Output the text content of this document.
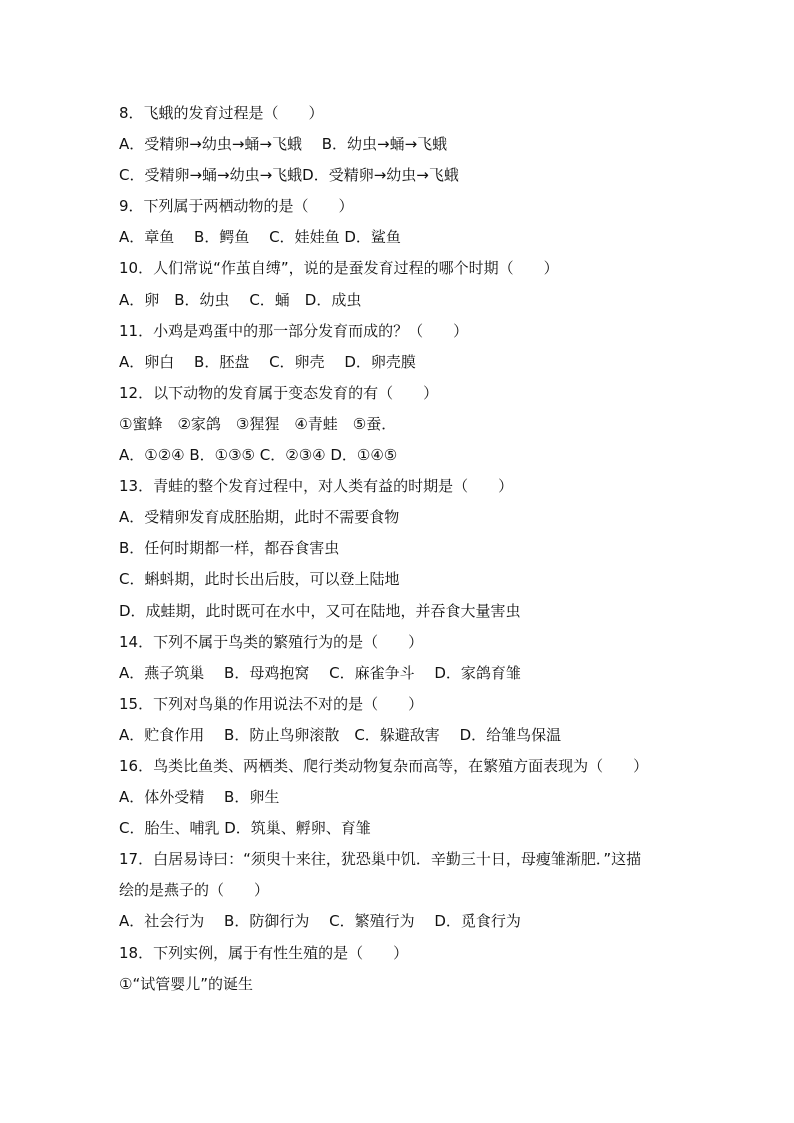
8．飞蛾的发育过程是（　　）
A．受精卵→幼虫→蛹→飞蛾　 B．幼虫→蛹→飞蛾
C．受精卵→蛹→幼虫→飞蛾D．受精卵→幼虫→飞蛾
9．下列属于两栖动物的是（　　）
A．章鱼　 B．鳄鱼　 C．娃娃鱼 D．鲨鱼
10．人们常说“作茧自缚”，说的是蚕发育过程的哪个时期（　　）
A．卵　B．幼虫　 C．蛹　D．成虫
11．小鸡是鸡蛋中的那一部分发育而成的？（　　）
A．卵白　 B．胚盘　 C．卵壳　 D．卵壳膜
12．以下动物的发育属于变态发育的有（　　）
①蜜蜂　②家鸽　③猩猩　④青蛙　⑤蚕．
A．①②④ B．①③⑤ C．②③④ D．①④⑤
13．青蛙的整个发育过程中，对人类有益的时期是（　　）
A．受精卵发育成胚胎期，此时不需要食物
B．任何时期都一样，都吞食害虫
C．蝌蚪期，此时长出后肢，可以登上陆地
D．成蛙期，此时既可在水中，又可在陆地，并吞食大量害虫
14．下列不属于鸟类的繁殖行为的是（　　）
A．燕子筑巢　 B．母鸡抱窝　 C．麻雀争斗　 D．家鸽育雏
15．下列对鸟巢的作用说法不对的是（　　）
A．贮食作用　 B．防止鸟卵滚散　C．躲避敌害　 D．给雏鸟保温
16．鸟类比鱼类、两栖类、爬行类动物复杂而高等，在繁殖方面表现为（　　）
A．体外受精　 B．卵生
C．胎生、哺乳 D．筑巢、孵卵、育雏
17．白居易诗曰：“须臾十来往，犹恐巢中饥．辛勤三十日，母瘦雏渐肥．”这描
绘的是燕子的（　　）
A．社会行为　 B．防御行为　 C．繁殖行为　 D．觅食行为
18．下列实例，属于有性生殖的是（　　）
①“试管婴儿”的诞生
